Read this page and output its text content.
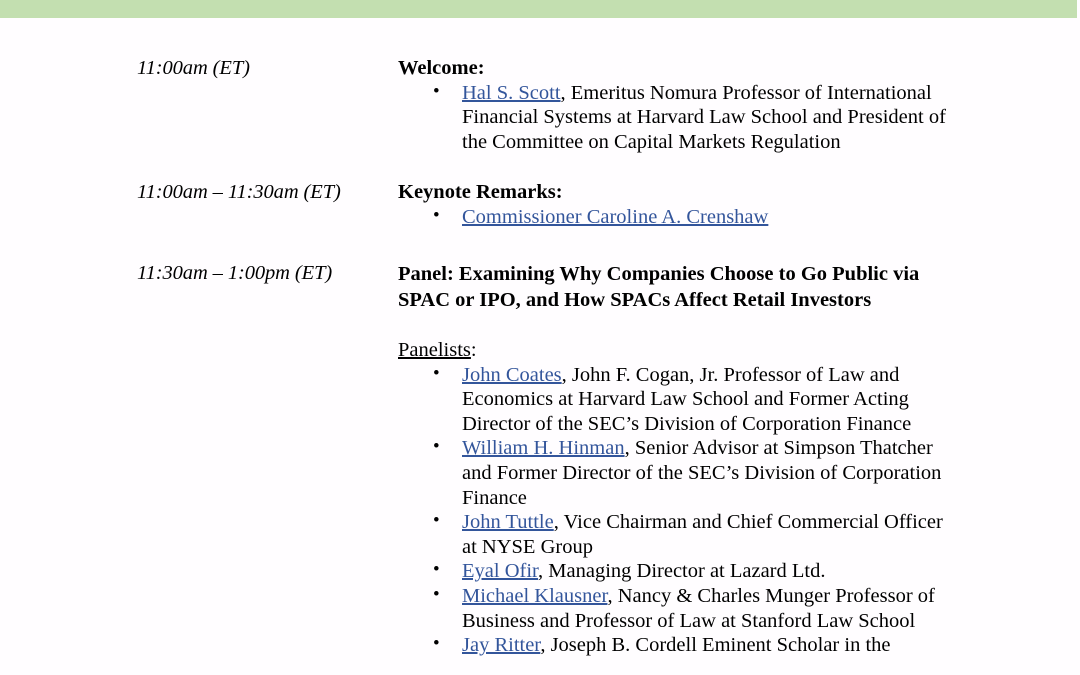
11:00am (ET)	Welcome:
• Hal S. Scott, Emeritus Nomura Professor of International Financial Systems at Harvard Law School and President of the Committee on Capital Markets Regulation
11:00am – 11:30am (ET)	Keynote Remarks:
• Commissioner Caroline A. Crenshaw
11:30am – 1:00pm (ET)	Panel: Examining Why Companies Choose to Go Public via SPAC or IPO, and How SPACs Affect Retail Investors
Panelists:
• John Coates, John F. Cogan, Jr. Professor of Law and Economics at Harvard Law School and Former Acting Director of the SEC’s Division of Corporation Finance
• William H. Hinman, Senior Advisor at Simpson Thatcher and Former Director of the SEC’s Division of Corporation Finance
• John Tuttle, Vice Chairman and Chief Commercial Officer at NYSE Group
• Eyal Ofir, Managing Director at Lazard Ltd.
• Michael Klausner, Nancy & Charles Munger Professor of Business and Professor of Law at Stanford Law School
• Jay Ritter, Joseph B. Cordell Eminent Scholar in the
